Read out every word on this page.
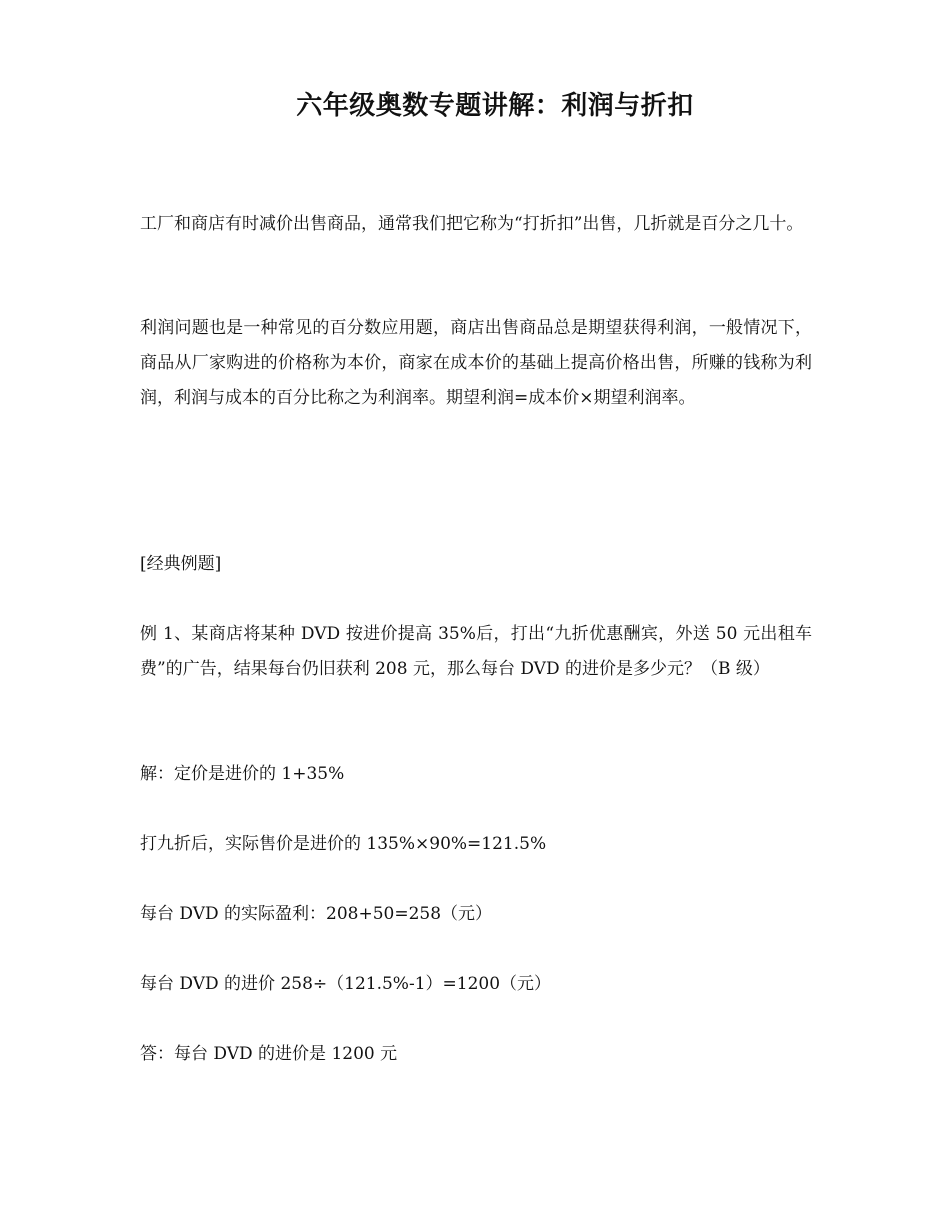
六年级奥数专题讲解：利润与折扣

工厂和商店有时减价出售商品，通常我们把它称为“打折扣”出售，几折就是百分之几十。

利润问题也是一种常见的百分数应用题，商店出售商品总是期望获得利润，一般情况下，商品从厂家购进的价格称为本价，商家在成本价的基础上提高价格出售，所赚的钱称为利润，利润与成本的百分比称之为利润率。期望利润=成本价×期望利润率。

[经典例题]

例 1、某商店将某种 DVD 按进价提高 35%后，打出“九折优惠酬宾，外送 50 元出租车费”的广告，结果每台仍旧获利 208 元，那么每台 DVD 的进价是多少元？（B 级）

解：定价是进价的 1+35%

打九折后，实际售价是进价的 135%×90%=121.5%

每台 DVD 的实际盈利：208+50=258（元）

每台 DVD 的进价 258÷（121.5%-1）=1200（元）

答：每台 DVD 的进价是 1200 元
